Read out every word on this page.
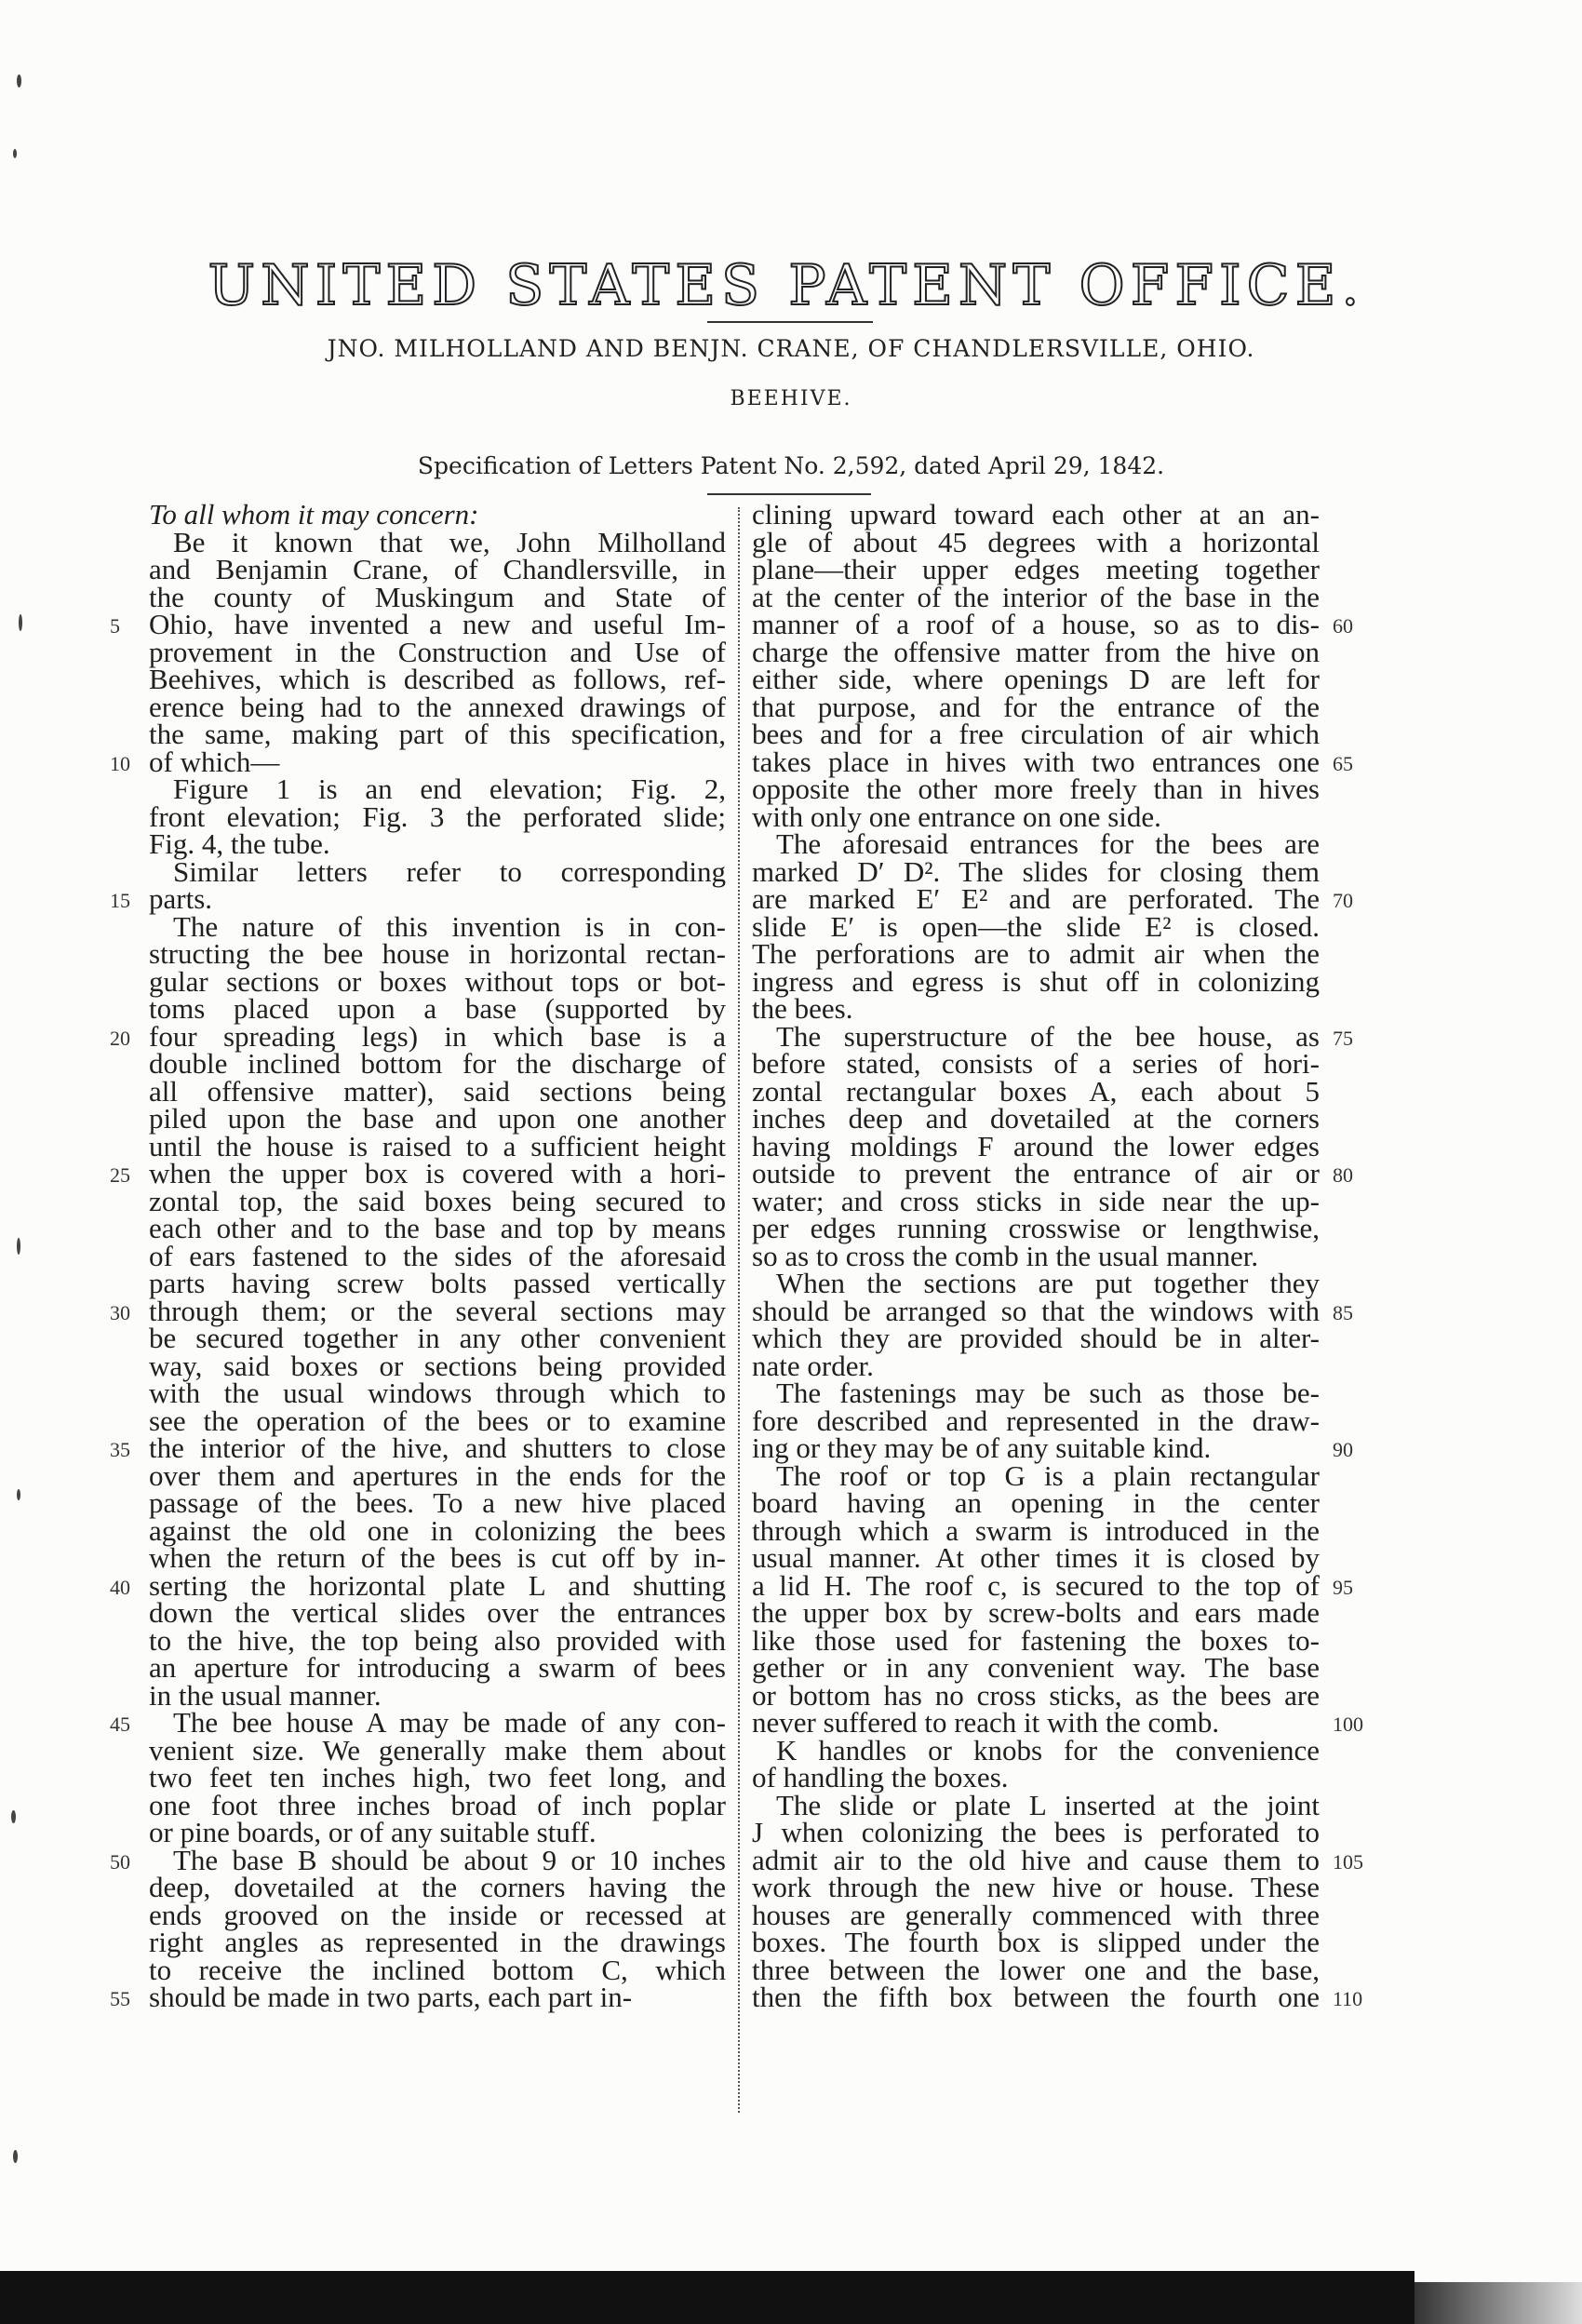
UNITED STATES PATENT OFFICE.
JNO. MILHOLLAND AND BENJN. CRANE, OF CHANDLERSVILLE, OHIO.
BEEHIVE.
Specification of Letters Patent No. 2,592, dated April 29, 1842.
To all whom it may concern:
Be it known that we, John Milholland
and Benjamin Crane, of Chandlersville, in
the county of Muskingum and State of
Ohio, have invented a new and useful Im-
provement in the Construction and Use of
Beehives, which is described as follows, ref-
erence being had to the annexed drawings of
the same, making part of this specification,
of which—
Figure 1 is an end elevation; Fig. 2,
front elevation; Fig. 3 the perforated slide;
Fig. 4, the tube.
Similar letters refer to corresponding
parts.
The nature of this invention is in con-
structing the bee house in horizontal rectan-
gular sections or boxes without tops or bot-
toms placed upon a base (supported by
four spreading legs) in which base is a
double inclined bottom for the discharge of
all offensive matter), said sections being
piled upon the base and upon one another
until the house is raised to a sufficient height
when the upper box is covered with a hori-
zontal top, the said boxes being secured to
each other and to the base and top by means
of ears fastened to the sides of the aforesaid
parts having screw bolts passed vertically
through them; or the several sections may
be secured together in any other convenient
way, said boxes or sections being provided
with the usual windows through which to
see the operation of the bees or to examine
the interior of the hive, and shutters to close
over them and apertures in the ends for the
passage of the bees. To a new hive placed
against the old one in colonizing the bees
when the return of the bees is cut off by in-
serting the horizontal plate L and shutting
down the vertical slides over the entrances
to the hive, the top being also provided with
an aperture for introducing a swarm of bees
in the usual manner.
The bee house A may be made of any con-
venient size. We generally make them about
two feet ten inches high, two feet long, and
one foot three inches broad of inch poplar
or pine boards, or of any suitable stuff.
The base B should be about 9 or 10 inches
deep, dovetailed at the corners having the
ends grooved on the inside or recessed at
right angles as represented in the drawings
to receive the inclined bottom C, which
should be made in two parts, each part in-
clining upward toward each other at an an-
gle of about 45 degrees with a horizontal
plane—their upper edges meeting together
at the center of the interior of the base in the
manner of a roof of a house, so as to dis-
charge the offensive matter from the hive on
either side, where openings D are left for
that purpose, and for the entrance of the
bees and for a free circulation of air which
takes place in hives with two entrances one
opposite the other more freely than in hives
with only one entrance on one side.
The aforesaid entrances for the bees are
marked D′ D². The slides for closing them
are marked E′ E² and are perforated. The
slide E′ is open—the slide E² is closed.
The perforations are to admit air when the
ingress and egress is shut off in colonizing
the bees.
The superstructure of the bee house, as
before stated, consists of a series of hori-
zontal rectangular boxes A, each about 5
inches deep and dovetailed at the corners
having moldings F around the lower edges
outside to prevent the entrance of air or
water; and cross sticks in side near the up-
per edges running crosswise or lengthwise,
so as to cross the comb in the usual manner.
When the sections are put together they
should be arranged so that the windows with
which they are provided should be in alter-
nate order.
The fastenings may be such as those be-
fore described and represented in the draw-
ing or they may be of any suitable kind.
The roof or top G is a plain rectangular
board having an opening in the center
through which a swarm is introduced in the
usual manner. At other times it is closed by
a lid H. The roof c, is secured to the top of
the upper box by screw-bolts and ears made
like those used for fastening the boxes to-
gether or in any convenient way. The base
or bottom has no cross sticks, as the bees are
never suffered to reach it with the comb.
K handles or knobs for the convenience
of handling the boxes.
The slide or plate L inserted at the joint
J when colonizing the bees is perforated to
admit air to the old hive and cause them to
work through the new hive or house. These
houses are generally commenced with three
boxes. The fourth box is slipped under the
three between the lower one and the base,
then the fifth box between the fourth one
5
10
15
20
25
30
35
40
45
50
55
60
65
70
75
80
85
90
95
100
105
110
